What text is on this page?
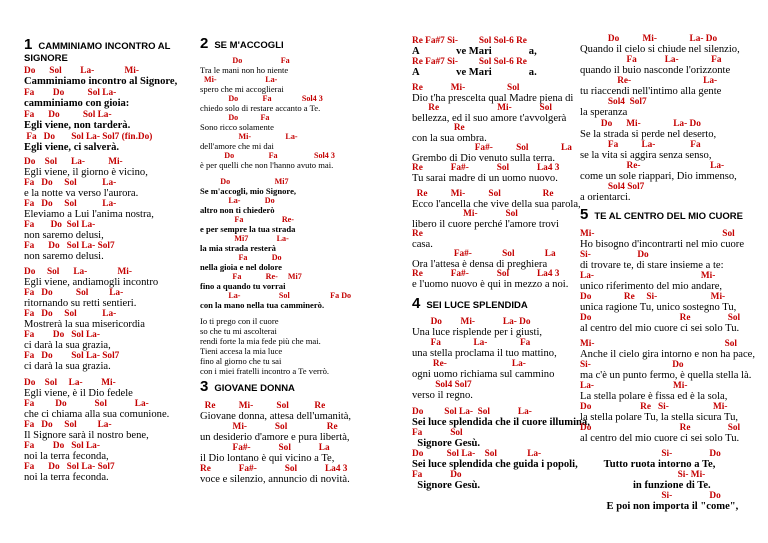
1 CAMMINIAMO INCONTRO AL
SIGNORE
Do      Sol        La-             Mi-
Camminiamo incontro al Signore,
Fa        Do          Sol La-
camminiamo con gioia:
Fa      Do          Sol La-
Egli viene, non tarderà.
Fa   Do       Sol La- Sol7 (fin.Do)
Egli viene, ci salverà.
Do    Sol      La-          Mi-
Egli viene, il giorno è vicino,
Fa   Do     Sol           La-
e la notte va verso l'aurora.
Fa   Do     Sol           La-
Eleviamo a Lui l'anima nostra,
Fa       Do  Sol La-
non saremo delusi,
Fa      Do   Sol La- Sol7
non saremo delusi.
Do     Sol      La-             Mi-
Egli viene, andiamogli incontro
Fa   Do          Sol         La-
ritornando su retti sentieri.
Fa   Do     Sol           La-
Mostrerà la sua misericordia
Fa        Do   Sol La-
ci darà la sua grazia,
Fa   Do        Sol La- Sol7
ci darà la sua grazia.
Do    Sol     La-        Mi-
Egli viene, è il Dio fedele
Fa         Do            Sol            La-
che ci chiama alla sua comunione.
Fa   Do     Sol         La-
Il Signore sarà il nostro bene,
Fa        Do   Sol La-
noi la terra feconda,
Fa      Do   Sol La- Sol7
noi la terra feconda.
2 SE M'ACCOGLI
Do                   Fa
Tra le mani non ho niente
Mi-                        La-
spero che mi accoglierai
Do            Fa               Sol4 3
chiedo solo di restare accanto a Te.
Do           Fa
Sono ricco solamente
Mi-                 La-
dell'amore che mi dai
Do                 Fa                  Sol4 3
è per quelli che non l'hanno avuto mai.
Do                      Mi7
Se m'accogli, mio Signore,
La-            Do
altro non ti chiederò
Fa                   Re-
e per sempre la tua strada
Mi7              La-
la mia strada resterà
Fa            Do
nella gioia e nel dolore
Fa            Re-     Mi7
fino a quando tu vorrai
La-                   Sol                    Fa Do
con la mano nella tua camminerò.
Io ti prego con il cuore
so che tu mi ascolterai
rendi forte la mia fede più che mai.
Tieni accesa la mia luce
fino al giorno che tu sai
con i miei fratelli incontro a Te verrò.
3 GIOVANE DONNA
Re          Mi-          Sol           Re
Giovane donna, attesa dell'umanità,
Mi-            Sol                 Re
un desiderio d'amore e pura libertà,
Fa#-            Sol            La
il Dio lontano è qui vicino a Te,
Re            Fa#-            Sol            La4 3
voce e silenzio, annuncio di novità.
Re Fa#7 Si-         Sol Sol-6 Re
A              ve Mari              a,
Re Fa#7 Si-         Sol Sol-6 Re
A              ve Mari              a.
Re            Mi-                  Sol
Dio t'ha prescelta qual Madre piena di
Re                         Mi-            Sol
bellezza, ed il suo amore t'avvolgerà
Re
con la sua ombra.
Fa#-          Sol              La
Grembo di Dio venuto sulla terra.
Re            Fa#-            Sol            La4 3
Tu sarai madre di un uomo nuovo.
Re          Mi-          Sol                  Re
Ecco l'ancella che vive della sua parola,
Mi-            Sol
libero il cuore perché l'amore trovi
Re
casa.
Fa#-             Sol             La
Ora l'attesa è densa di preghiera
Re            Fa#-            Sol            La4 3
e l'uomo nuovo è qui in mezzo a noi.
4 SEI LUCE SPLENDIDA
Do        Mi-            La- Do
Una luce risplende per i giusti,
Fa              La-              Fa
una stella proclama il tuo mattino,
Re-                            La-
ogni uomo richiama sul cammino
Sol4 Sol7
verso il regno.
Do         Sol La-  Sol            La-
Sei luce splendida che il cuore illumina,
Fa            Sol
Signore Gesù.
Do          Sol La-    Sol             La-
Sei luce splendida che guida i popoli,
Fa            Do
Signore Gesù.
Do          Mi-              La- Do
Quando il cielo si chiude nel silenzio,
Fa            La-              Fa
quando il buio nasconde l'orizzonte
Re-                               La-
tu riaccendi nell'intimo alla gente
Sol4  Sol7
la speranza
Do      Mi-              La- Do
Se la strada si perde nel deserto,
Fa          La-               Fa
se la vita si aggira senza senso,
Re-                              La-
come un sole riappari, Dio immenso,
Sol4 Sol7
a orientarci.
5 TE AL CENTRO DEL MIO CUORE
Mi-                                                       Sol
Ho bisogno d'incontrarti nel mio cuore
Si-                    Do
di trovare te, di stare insieme a te:
La-                                              Mi-
unico riferimento del mio andare,
Do              Re     Si-                       Mi-
unica ragione Tu, unico sostegno Tu,
Do                                      Re                Sol
al centro del mio cuore ci sei solo Tu.
Mi-                                                        Sol
Anche il cielo gira intorno e non ha pace,
Si-                                   Do
ma c'è un punto fermo, è quella stella là.
La-                                  Mi-
La stella polare è fissa ed è la sola,
Do                     Re   Si-                   Mi-
la stella polare Tu, la stella sicura Tu,
Do                                      Re                Sol
al centro del mio cuore ci sei solo Tu.
Si-                Do
Tutto ruota intorno a Te,
Si- Mi-
in funzione di Te.
Si-                Do
E poi non importa il "come",
